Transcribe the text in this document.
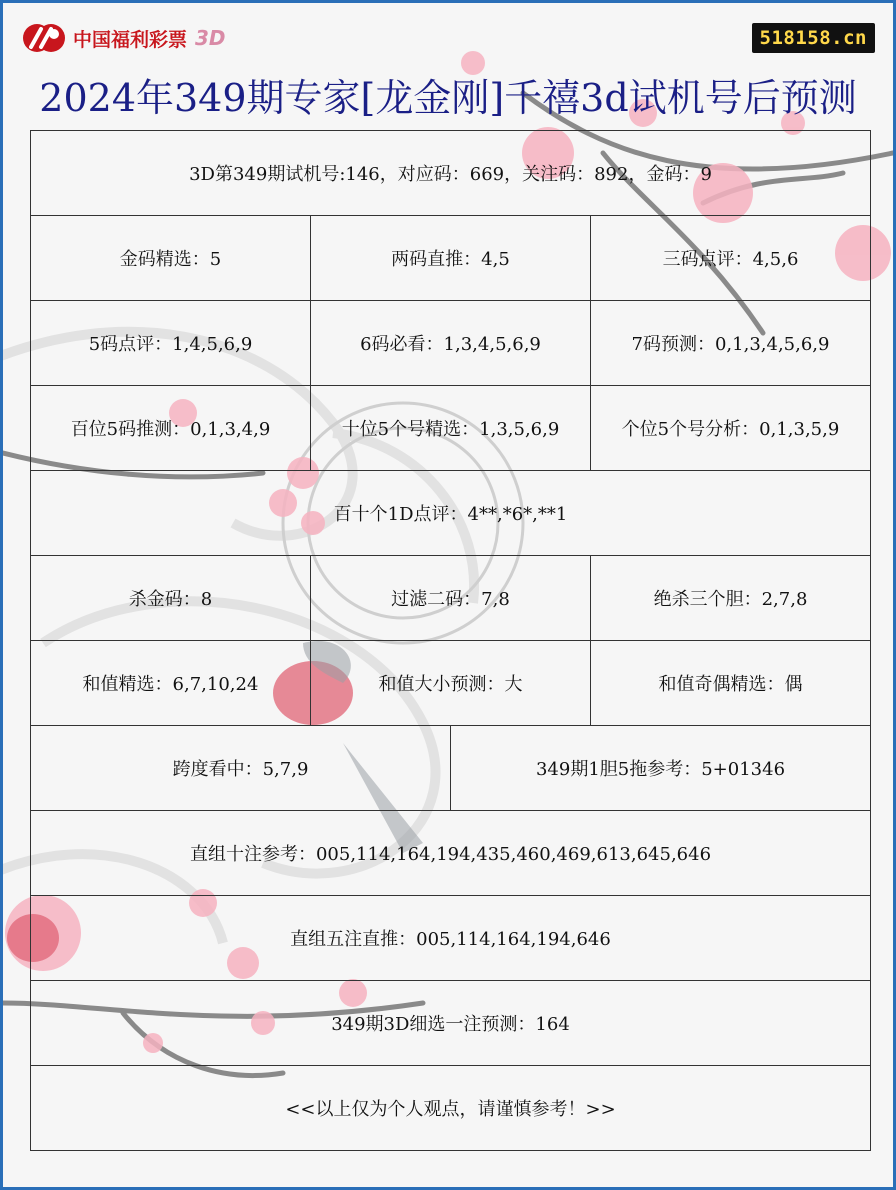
中国福利彩票 3D	518158.cn
2024年349期专家[龙金刚]千禧3d试机号后预测
3D第349期试机号:146，对应码：669，关注码：892，金码：9
金码精选：5	两码直推：4,5	三码点评：4,5,6
5码点评：1,4,5,6,9	6码必看：1,3,4,5,6,9	7码预测：0,1,3,4,5,6,9
百位5码推测：0,1,3,4,9	十位5个号精选：1,3,5,6,9	个位5个号分析：0,1,3,5,9
百十个1D点评：4**,*6*,**1
杀金码：8	过滤二码：7,8	绝杀三个胆：2,7,8
和值精选：6,7,10,24	和值大小预测：大	和值奇偶精选：偶
跨度看中：5,7,9	349期1胆5拖参考：5+01346
直组十注参考：005,114,164,194,435,460,469,613,645,646
直组五注直推：005,114,164,194,646
349期3D细选一注预测：164
<<以上仅为个人观点，请谨慎参考！>>
